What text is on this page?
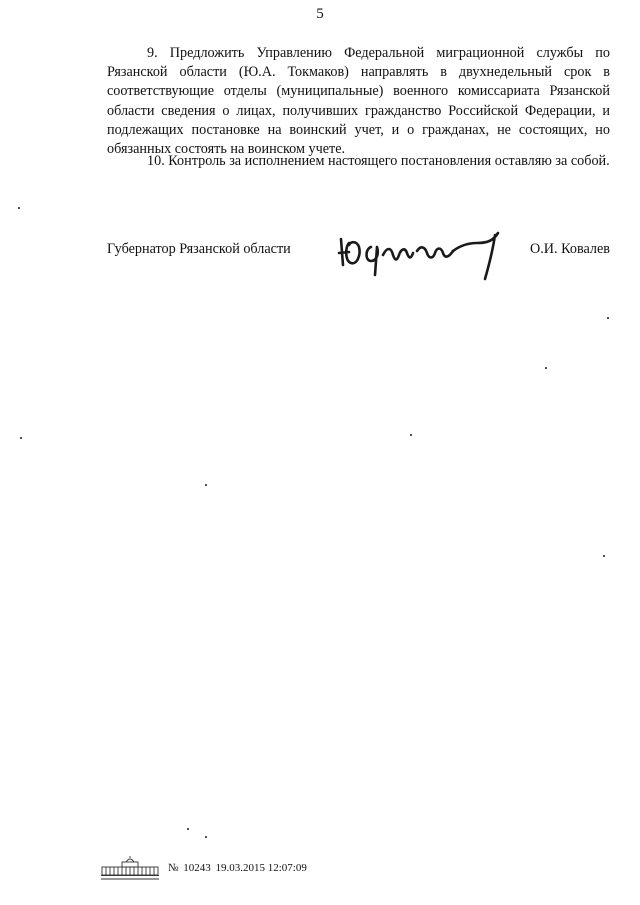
5

9. Предложить Управлению Федеральной миграционной службы по Рязанской области (Ю.А. Токмаков) направлять в двухнедельный срок в соответствующие отделы (муниципальные) военного комиссариата Рязанской области сведения о лицах, получивших гражданство Российской Федерации, и подлежащих постановке на воинский учет, и о гражданах, не состоящих, но обязанных состоять на воинском учете.

10. Контроль за исполнением настоящего постановления оставляю за собой.

Губернатор Рязанской области	О.И. Ковалев
№ 10243 19.03.2015 12:07:09
